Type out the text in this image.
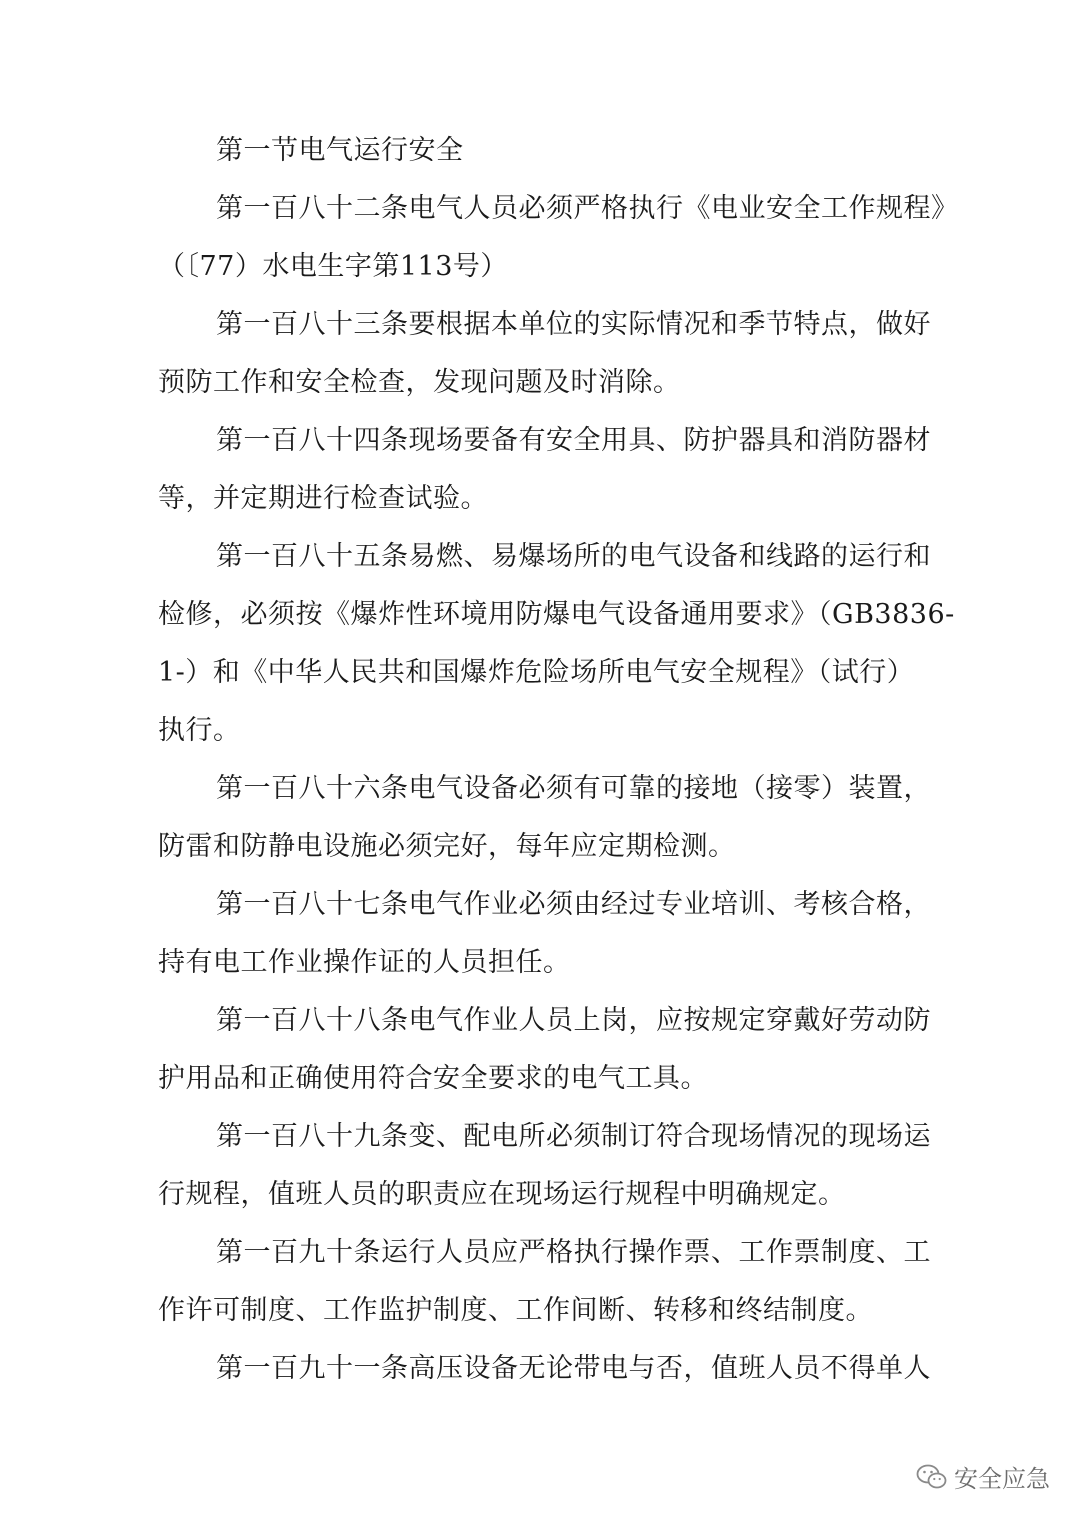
第一节电气运行安全
第一百八十二条电气人员必须严格执行《电业安全工作规程》
（〔77）水电生字第113号）
第一百八十三条要根据本单位的实际情况和季节特点，做好
预防工作和安全检查，发现问题及时消除。
第一百八十四条现场要备有安全用具、防护器具和消防器材
等，并定期进行检查试验。
第一百八十五条易燃、易爆场所的电气设备和线路的运行和
检修，必须按《爆炸性环境用防爆电气设备通用要求》（GB3836-
1-）和《中华人民共和国爆炸危险场所电气安全规程》（试行）
执行。
第一百八十六条电气设备必须有可靠的接地（接零）装置，
防雷和防静电设施必须完好，每年应定期检测。
第一百八十七条电气作业必须由经过专业培训、考核合格，
持有电工作业操作证的人员担任。
第一百八十八条电气作业人员上岗，应按规定穿戴好劳动防
护用品和正确使用符合安全要求的电气工具。
第一百八十九条变、配电所必须制订符合现场情况的现场运
行规程，值班人员的职责应在现场运行规程中明确规定。
第一百九十条运行人员应严格执行操作票、工作票制度、工
作许可制度、工作监护制度、工作间断、转移和终结制度。
第一百九十一条高压设备无论带电与否，值班人员不得单人
安全应急
